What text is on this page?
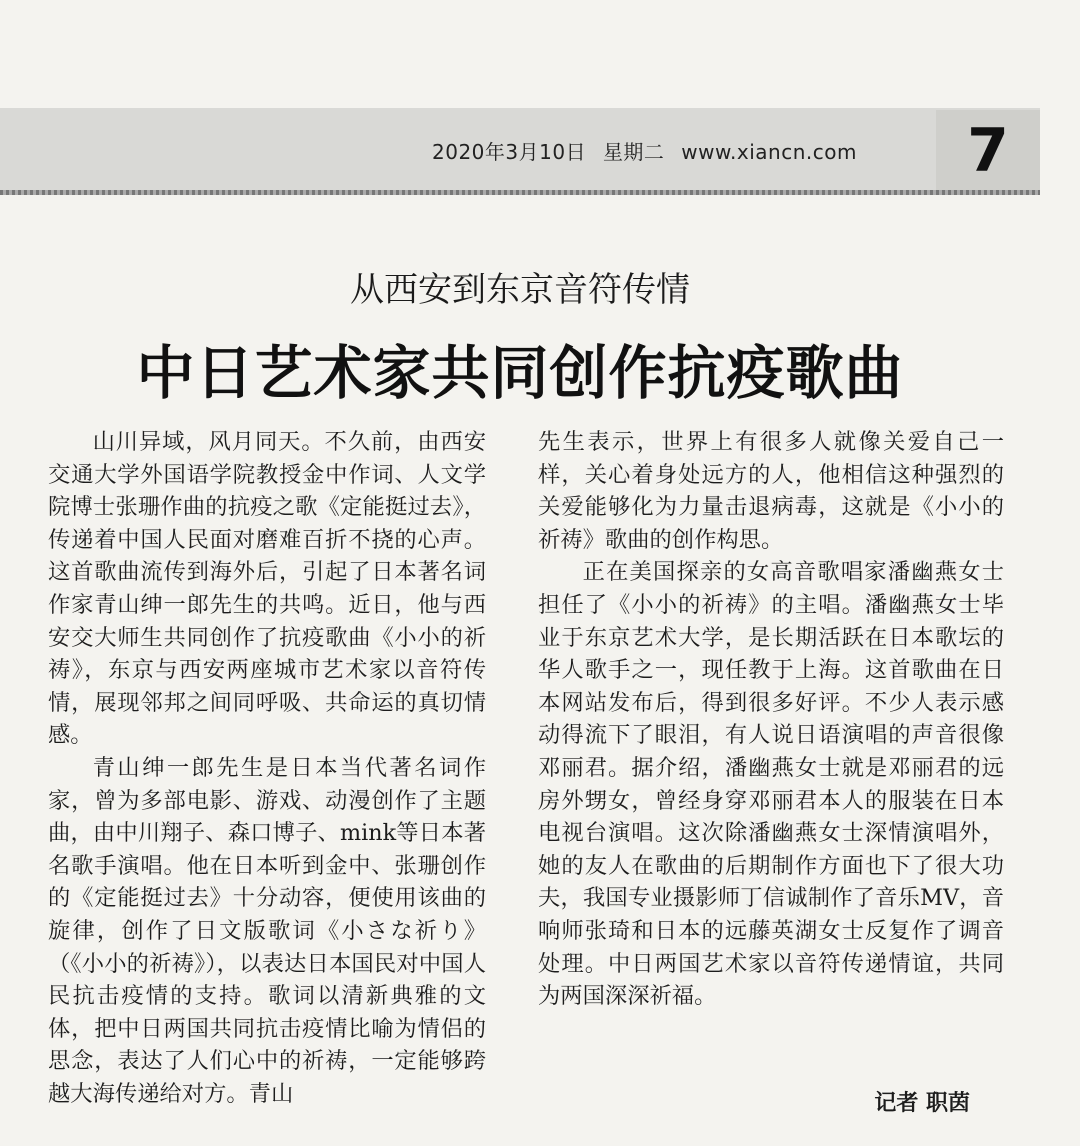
2020年3月10日 星期二 www.xiancn.com	7
从西安到东京音符传情
中日艺术家共同创作抗疫歌曲

山川异域，风月同天。不久前，由西安交通大学外国语学院教授金中作词、人文学院博士张珊作曲的抗疫之歌《定能挺过去》，传递着中国人民面对磨难百折不挠的心声。这首歌曲流传到海外后，引起了日本著名词作家青山绅一郎先生的共鸣。近日，他与西安交大师生共同创作了抗疫歌曲《小小的祈祷》，东京与西安两座城市艺术家以音符传情，展现邻邦之间同呼吸、共命运的真切情感。

青山绅一郎先生是日本当代著名词作家，曾为多部电影、游戏、动漫创作了主题曲，由中川翔子、森口博子、mink等日本著名歌手演唱。他在日本听到金中、张珊创作的《定能挺过去》十分动容，便使用该曲的旋律，创作了日文版歌词《小さな祈り》（《小小的祈祷》），以表达日本国民对中国人民抗击疫情的支持。歌词以清新典雅的文体，把中日两国共同抗击疫情比喻为情侣的思念，表达了人们心中的祈祷，一定能够跨越大海传递给对方。青山

先生表示，世界上有很多人就像关爱自己一样，关心着身处远方的人，他相信这种强烈的关爱能够化为力量击退病毒，这就是《小小的祈祷》歌曲的创作构思。

正在美国探亲的女高音歌唱家潘幽燕女士担任了《小小的祈祷》的主唱。潘幽燕女士毕业于东京艺术大学，是长期活跃在日本歌坛的华人歌手之一，现任教于上海。这首歌曲在日本网站发布后，得到很多好评。不少人表示感动得流下了眼泪，有人说日语演唱的声音很像邓丽君。据介绍，潘幽燕女士就是邓丽君的远房外甥女，曾经身穿邓丽君本人的服装在日本电视台演唱。这次除潘幽燕女士深情演唱外，她的友人在歌曲的后期制作方面也下了很大功夫，我国专业摄影师丁信诚制作了音乐MV，音响师张琦和日本的远藤英湖女士反复作了调音处理。中日两国艺术家以音符传递情谊，共同为两国深深祈福。

记者 职茵
